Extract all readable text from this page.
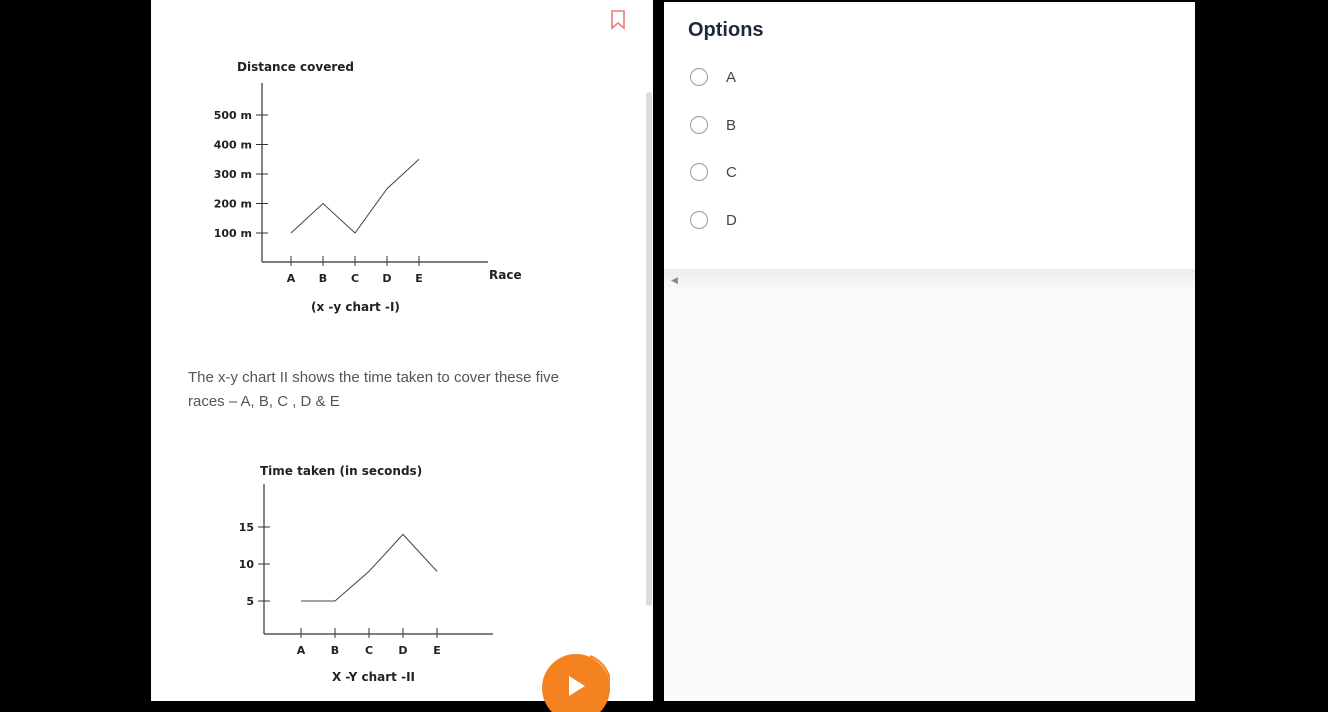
Distance covered
100 m
200 m
300 m
400 m
500 m
A B C D E	Race
(x -y chart -I)
The x-y chart II shows the time taken to cover these five races – A, B, C , D & E
Time taken (in seconds)
5
10
15
A B C D E
X -Y chart -II
Options
A
B
C
D
◀
